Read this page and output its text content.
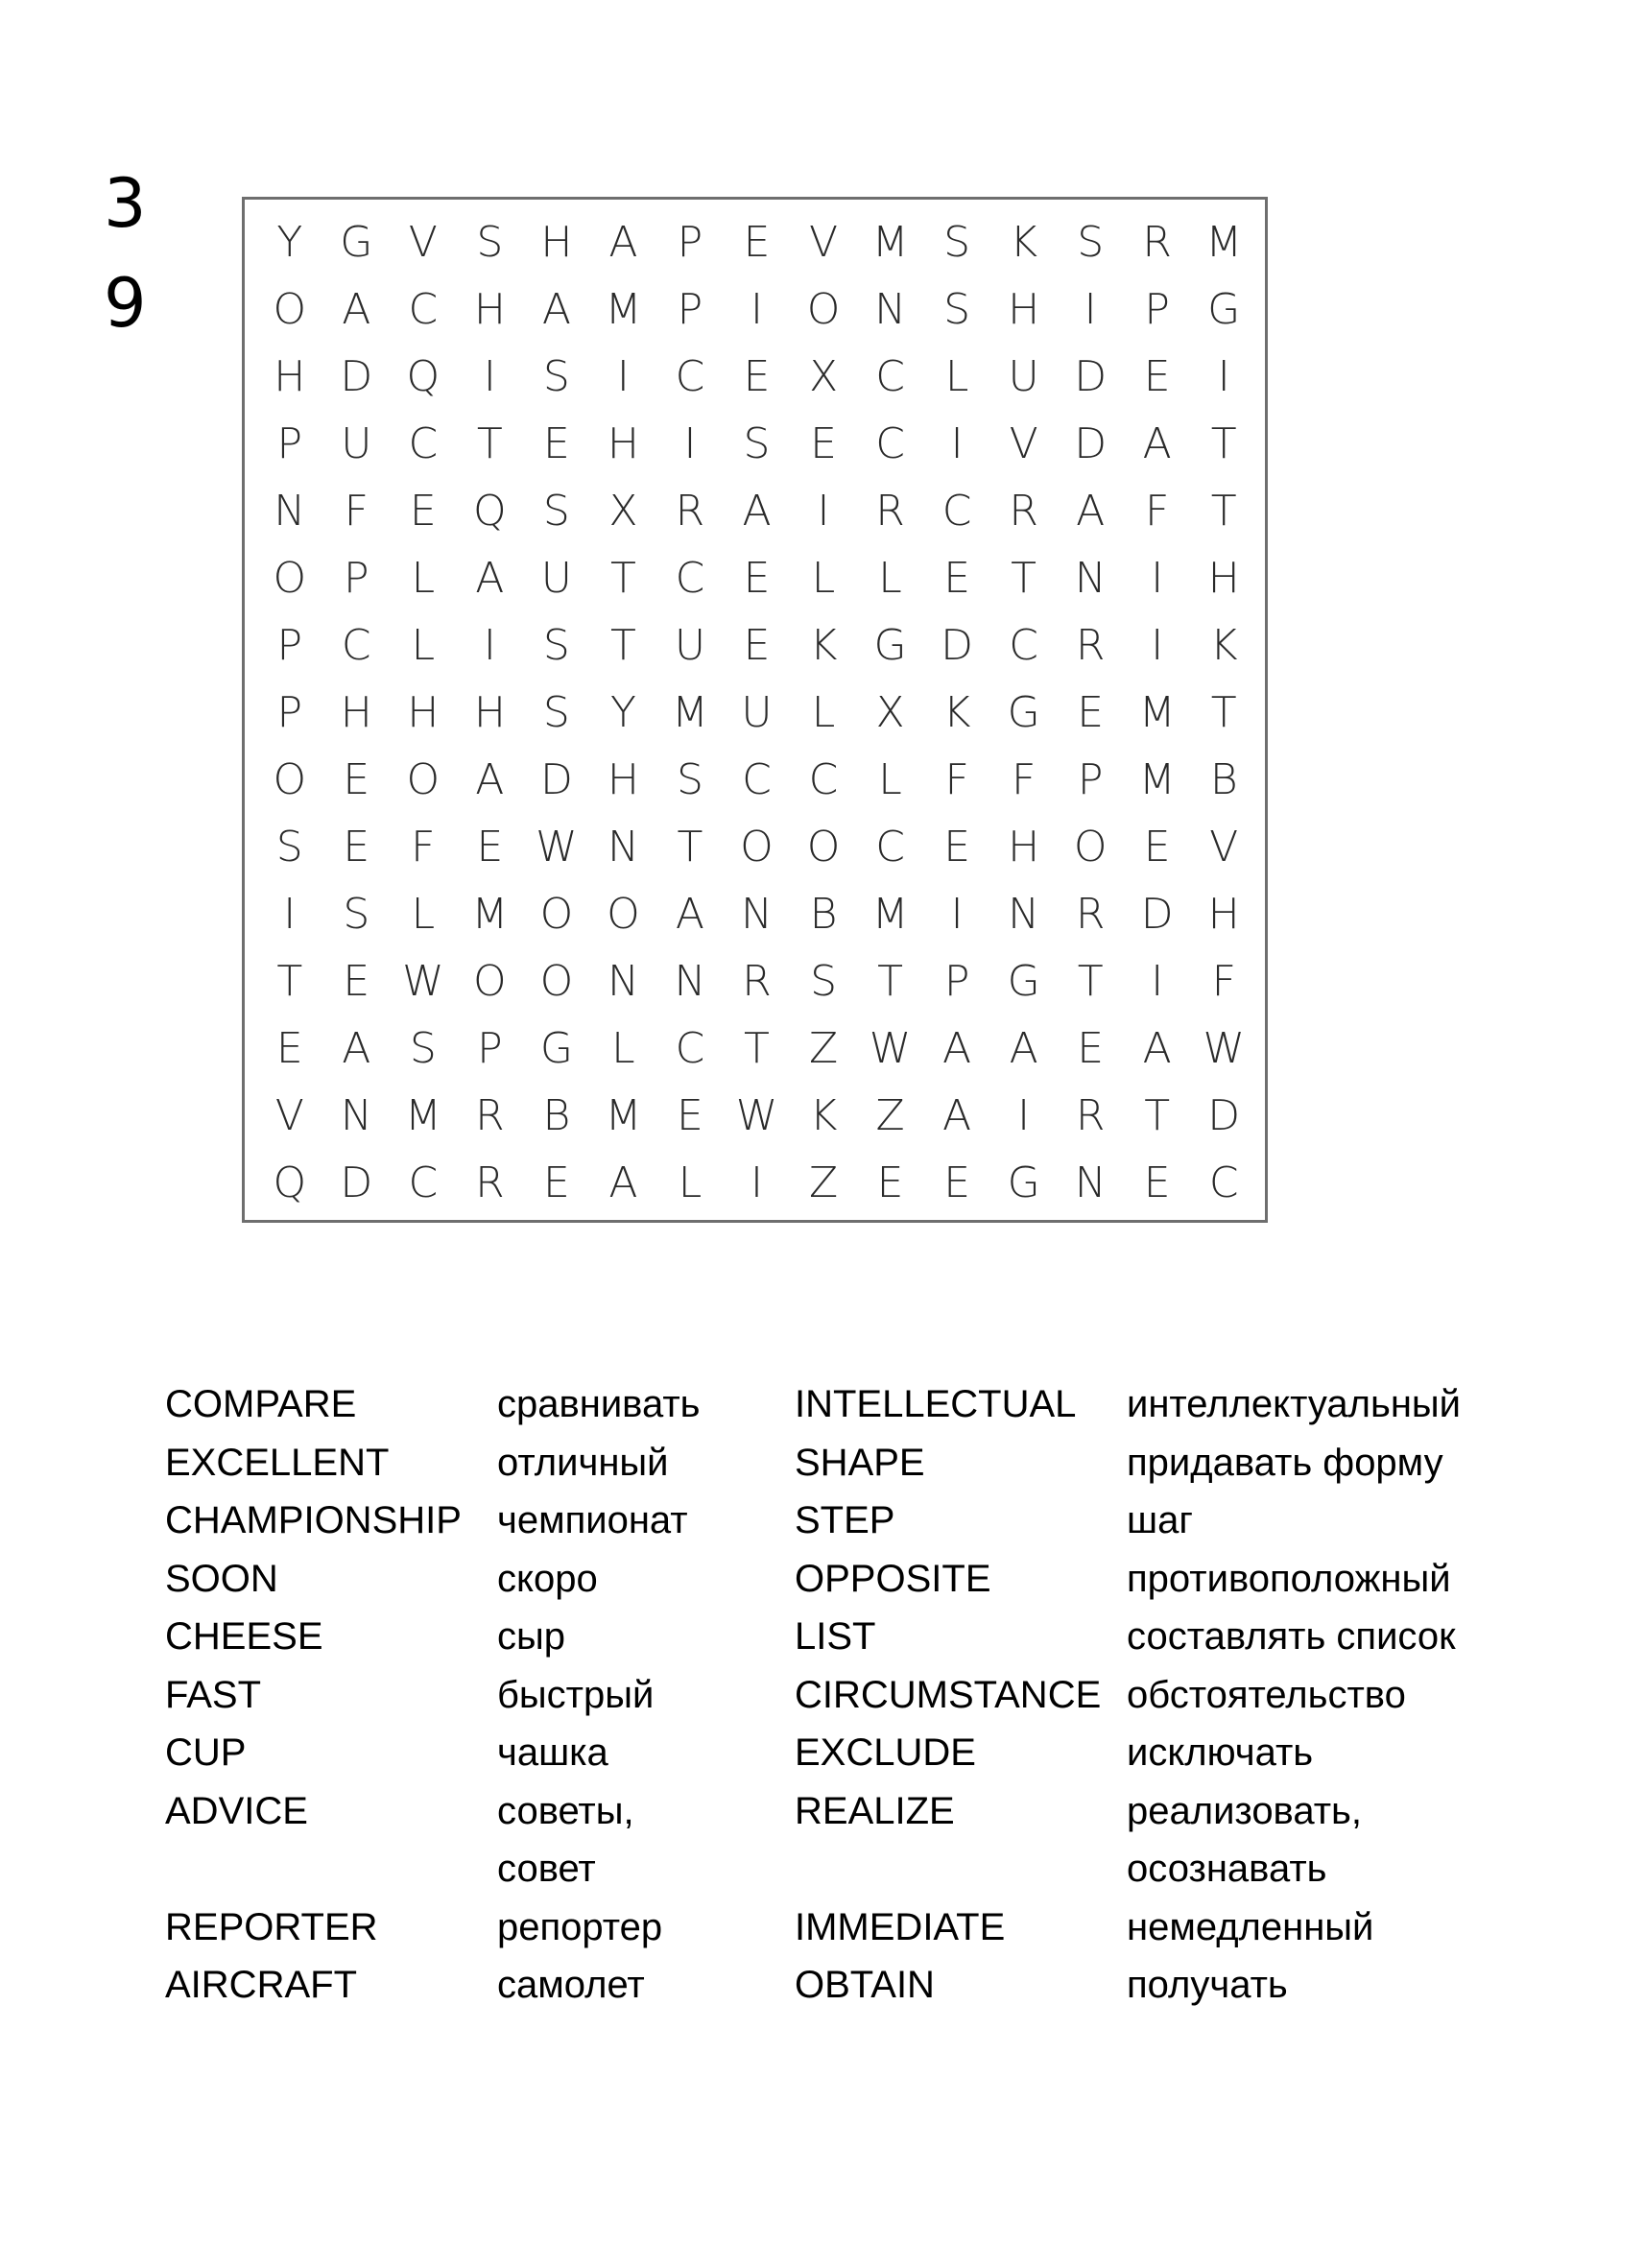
3
9
Y G V S H A P E V M S K S R M
O A C H A M P	I	O N S H	I	P G
H D Q	I	S	I	C E X C L U D E	I
P U C T E H	I	S E C	I	V D A T
N F E Q S X R A	I	R C R A F T
O P	L A U T C E L	L E T N	I	H
P C L	I	S T U E K G D C R	I	K
P H H H S Y M U L X K G E M T
O E O A D H S C C L	F	F P M B
S E F E W N T O O C E H O E V
I	S L M O O A N B M	I	N R D H
T E W O O N N R S T P G T	I	F
E A S P G L C T Z W A A E A W
V N M R B M E W K Z A	I	R T D
Q D C R E A L	I	Z E E G N E C
COMPARE	сравнивать	INTELLECTUAL	интеллектуальный
EXCELLENT	отличный	SHAPE	придавать форму
CHAMPIONSHIP чемпионат	STEP	шаг
SOON	скоро	OPPOSITE	противоположный
CHEESE	сыр	LIST	составлять список
FAST	быстрый	CIRCUMSTANCE обстоятельство
CUP	чашка	EXCLUDE	исключать
ADVICE	советы,	REALIZE	реализовать,
совет	осознавать
REPORTER	репортер	IMMEDIATE	немедленный
AIRCRAFT	самолет	OBTAIN	получать
